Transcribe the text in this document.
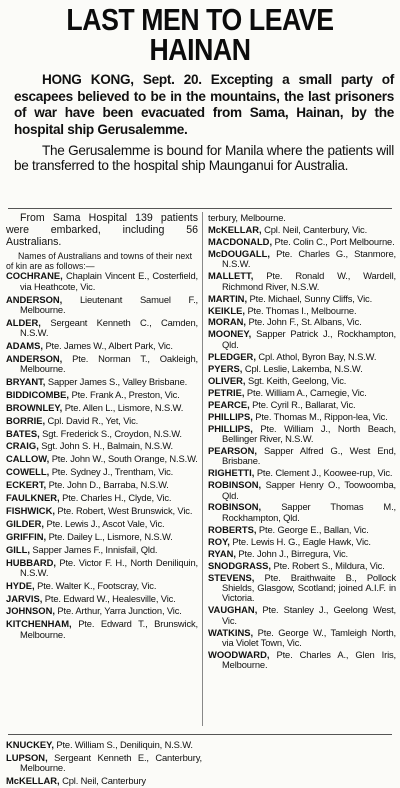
LAST MEN TO LEAVE
HAINAN

HONG KONG, Sept. 20. Excepting a small party of escapees believed to be in the mountains, the last prisoners of war have been evacuated from Sama, Hainan, by the hospital ship Gerusalemme.

The Gerusalemme is bound for Manila where the patients will be transferred to the hospital ship Maunganui for Australia.

From Sama Hospital 139 patients were embarked, including 56 Australians.

Names of Australians and towns of their next of kin are as follows:—

COCHRANE, Chaplain Vincent E., Costerfield, via Heathcote, Vic.

ANDERSON, Lieutenant Samuel F., Melbourne.

ALDER, Sergeant Kenneth C., Camden, N.S.W.

ADAMS, Pte. James W., Albert Park, Vic.

ANDERSON, Pte. Norman T., Oakleigh, Melbourne.

BRYANT, Sapper James S., Valley Brisbane.

BIDDICOMBE, Pte. Frank A., Preston, Vic.

BROWNLEY, Pte. Allen L., Lismore, N.S.W.

BORRIE, Cpl. David R., Yet, Vic.

BATES, Sgt. Frederick S., Croydon, N.S.W.

CRAIG, Sgt. John S. H., Balmain, N.S.W.

CALLOW, Pte. John W., South Orange, N.S.W.

COWELL, Pte. Sydney J., Trentham, Vic.

ECKERT, Pte. John D., Barraba, N.S.W.

FAULKNER, Pte. Charles H., Clyde, Vic.

FISHWICK, Pte. Robert, West Brunswick, Vic.

GILDER, Pte. Lewis J., Ascot Vale, Vic.

GRIFFIN, Pte. Dailey L., Lismore, N.S.W.

GILL, Sapper James F., Innisfail, Qld.

HUBBARD, Pte. Victor F. H., North Deniliquin, N.S.W.

HYDE, Pte. Walter K., Footscray, Vic.

JARVIS, Pte. Edward W., Healesville, Vic.

JOHNSON, Pte. Arthur, Yarra Junction, Vic.

KITCHENHAM, Pte. Edward T., Brunswick, Melbourne.

terbury, Melbourne.

McKELLAR, Cpl. Neil, Canterbury, Vic.

MACDONALD, Pte. Colin C., Port Melbourne.

McDOUGALL, Pte. Charles G., Stanmore, N.S.W.

MALLETT, Pte. Ronald W., Wardell, Richmond River, N.S.W.

MARTIN, Pte. Michael, Sunny Cliffs, Vic.

KEIKLE, Pte. Thomas I., Melbourne.

MORAN, Pte. John F., St. Albans, Vic.

MOONEY, Sapper Patrick J., Rockhampton, Qld.

PLEDGER, Cpl. Athol, Byron Bay, N.S.W.

PYERS, Cpl. Leslie, Lakemba, N.S.W.

OLIVER, Sgt. Keith, Geelong, Vic.

PETRIE, Pte. William A., Carnegie, Vic.

PEARCE, Pte. Cyril R., Ballarat, Vic.

PHILLIPS, Pte. Thomas M., Rippon-lea, Vic.

PHILLIPS, Pte. William J., North Beach, Bellinger River, N.S.W.

PEARSON, Sapper Alfred G., West End, Brisbane.

RIGHETTI, Pte. Clement J., Koowee-rup, Vic.

ROBINSON, Sapper Henry O., Toowoomba, Qld.

ROBINSON, Sapper Thomas M., Rockhampton, Qld.

ROBERTS, Pte. George E., Ballan, Vic.

ROY, Pte. Lewis H. G., Eagle Hawk, Vic.

RYAN, Pte. John J., Birregura, Vic.

SNODGRASS, Pte. Robert S., Mildura, Vic.

STEVENS, Pte. Braithwaite B., Pollock Shields, Glasgow, Scotland; joined A.I.F. in Victoria.

VAUGHAN, Pte. Stanley J., Geelong West, Vic.

WATKINS, Pte. George W., Tamleigh North, via Violet Town, Vic.

WOODWARD, Pte. Charles A., Glen Iris, Melbourne.

KNUCKEY, Pte. William S., Deniliquin, N.S.W.

LUPSON, Sergeant Kenneth E., Canterbury, Melbourne.

McKELLAR, Cpl. Neil, Canterbury
